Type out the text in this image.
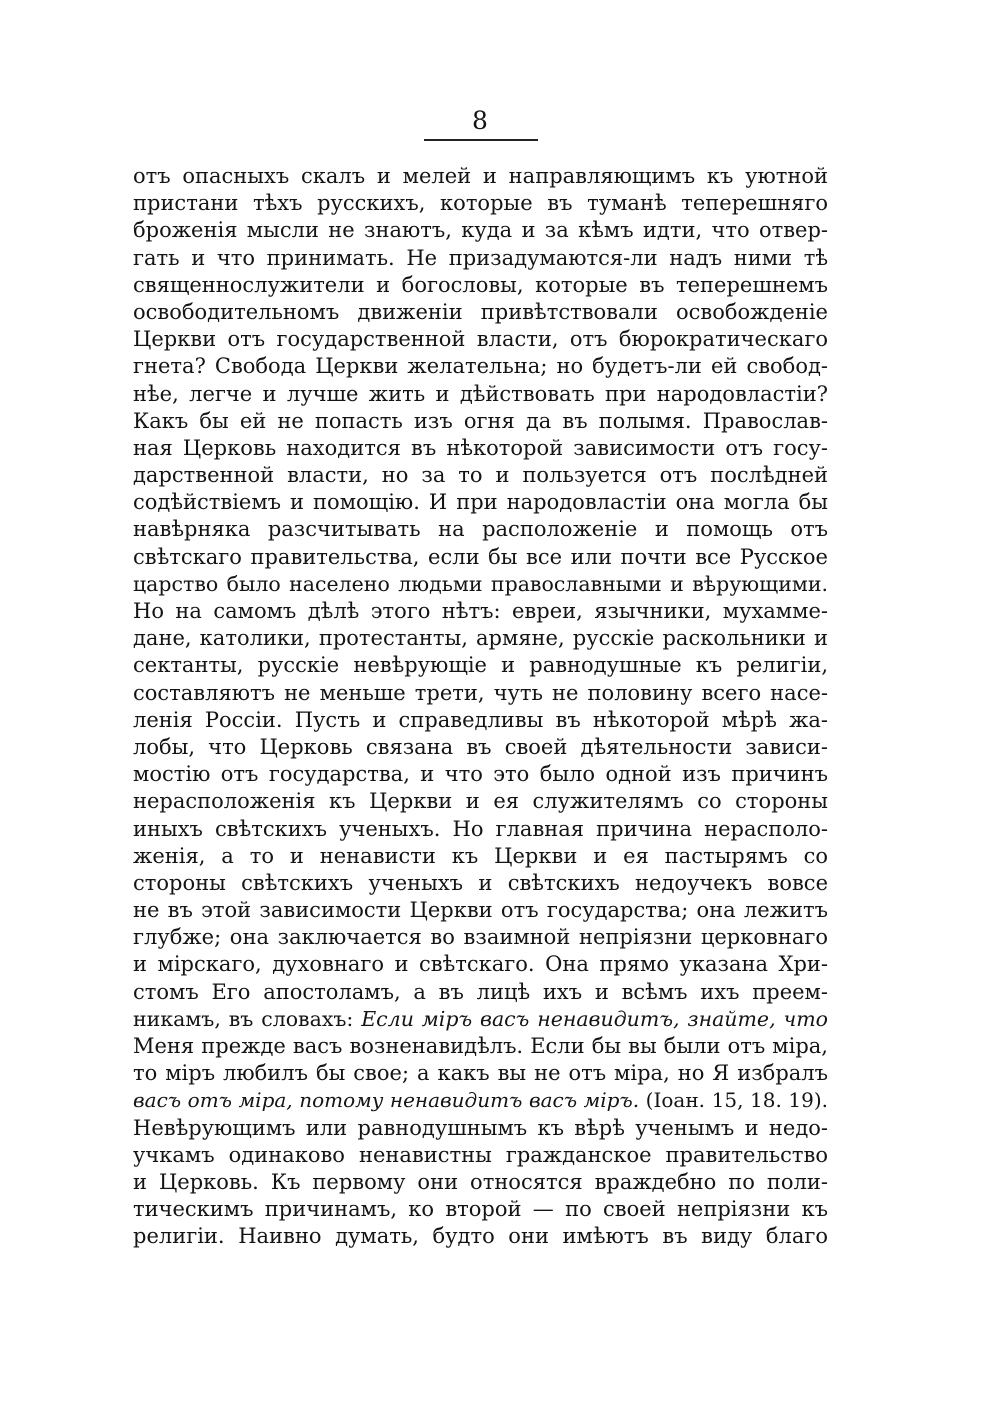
8
отъ опасныхъ скалъ и мелей и направляющимъ къ уютной
пристани тѣхъ русскихъ, которые въ туманѣ теперешняго
броженія мысли не знаютъ, куда и за кѣмъ идти, что отвер-
гать и что принимать. Не призадумаются-ли надъ ними тѣ
священнослужители и богословы, которые въ теперешнемъ
освободительномъ движеніи привѣтствовали освобожденіе
Церкви отъ государственной власти, отъ бюрократическаго
гнета? Свобода Церкви желательна; но будетъ-ли ей свобод-
нѣе, легче и лучше жить и дѣйствовать при народовластіи?
Какъ бы ей не попасть изъ огня да въ полымя. Православ-
ная Церковь находится въ нѣкоторой зависимости отъ госу-
дарственной власти, но за то и пользуется отъ послѣдней
содѣйствіемъ и помощію. И при народовластіи она могла бы
навѣрняка разсчитывать на расположеніе и помощь отъ
свѣтскаго правительства, если бы все или почти все Русское
царство было населено людьми православными и вѣрующими.
Но на самомъ дѣлѣ этого нѣтъ: евреи, язычники, мухамме-
дане, католики, протестанты, армяне, русскіе раскольники и
сектанты, русскіе невѣрующіе и равнодушные къ религіи,
составляютъ не меньше трети, чуть не половину всего насе-
ленія Россіи. Пусть и справедливы въ нѣкоторой мѣрѣ жа-
лобы, что Церковь связана въ своей дѣятельности зависи-
мостію отъ государства, и что это было одной изъ причинъ
нерасположенія къ Церкви и ея служителямъ со стороны
иныхъ свѣтскихъ ученыхъ. Но главная причина нерасполо-
женія, а то и ненависти къ Церкви и ея пастырямъ со
стороны свѣтскихъ ученыхъ и свѣтскихъ недоучекъ вовсе
не въ этой зависимости Церкви отъ государства; она лежитъ
глубже; она заключается во взаимной непріязни церковнаго
и мірскаго, духовнаго и свѣтскаго. Она прямо указана Хри-
стомъ Его апостоламъ, а въ лицѣ ихъ и всѣмъ ихъ преем-
никамъ, въ словахъ: Если міръ васъ ненавидитъ, знайте, что
Меня прежде васъ возненавидѣлъ. Если бы вы были отъ міра,
то міръ любилъ бы свое; а какъ вы не отъ міра, но Я избралъ
васъ отъ міра, потому ненавидитъ васъ міръ. (Іоан. 15, 18. 19).
Невѣрующимъ или равнодушнымъ къ вѣрѣ ученымъ и недо-
учкамъ одинаково ненавистны гражданское правительство
и Церковь. Къ первому они относятся враждебно по поли-
тическимъ причинамъ, ко второй — по своей непріязни къ
религіи. Наивно думать, будто они имѣютъ въ виду благо
